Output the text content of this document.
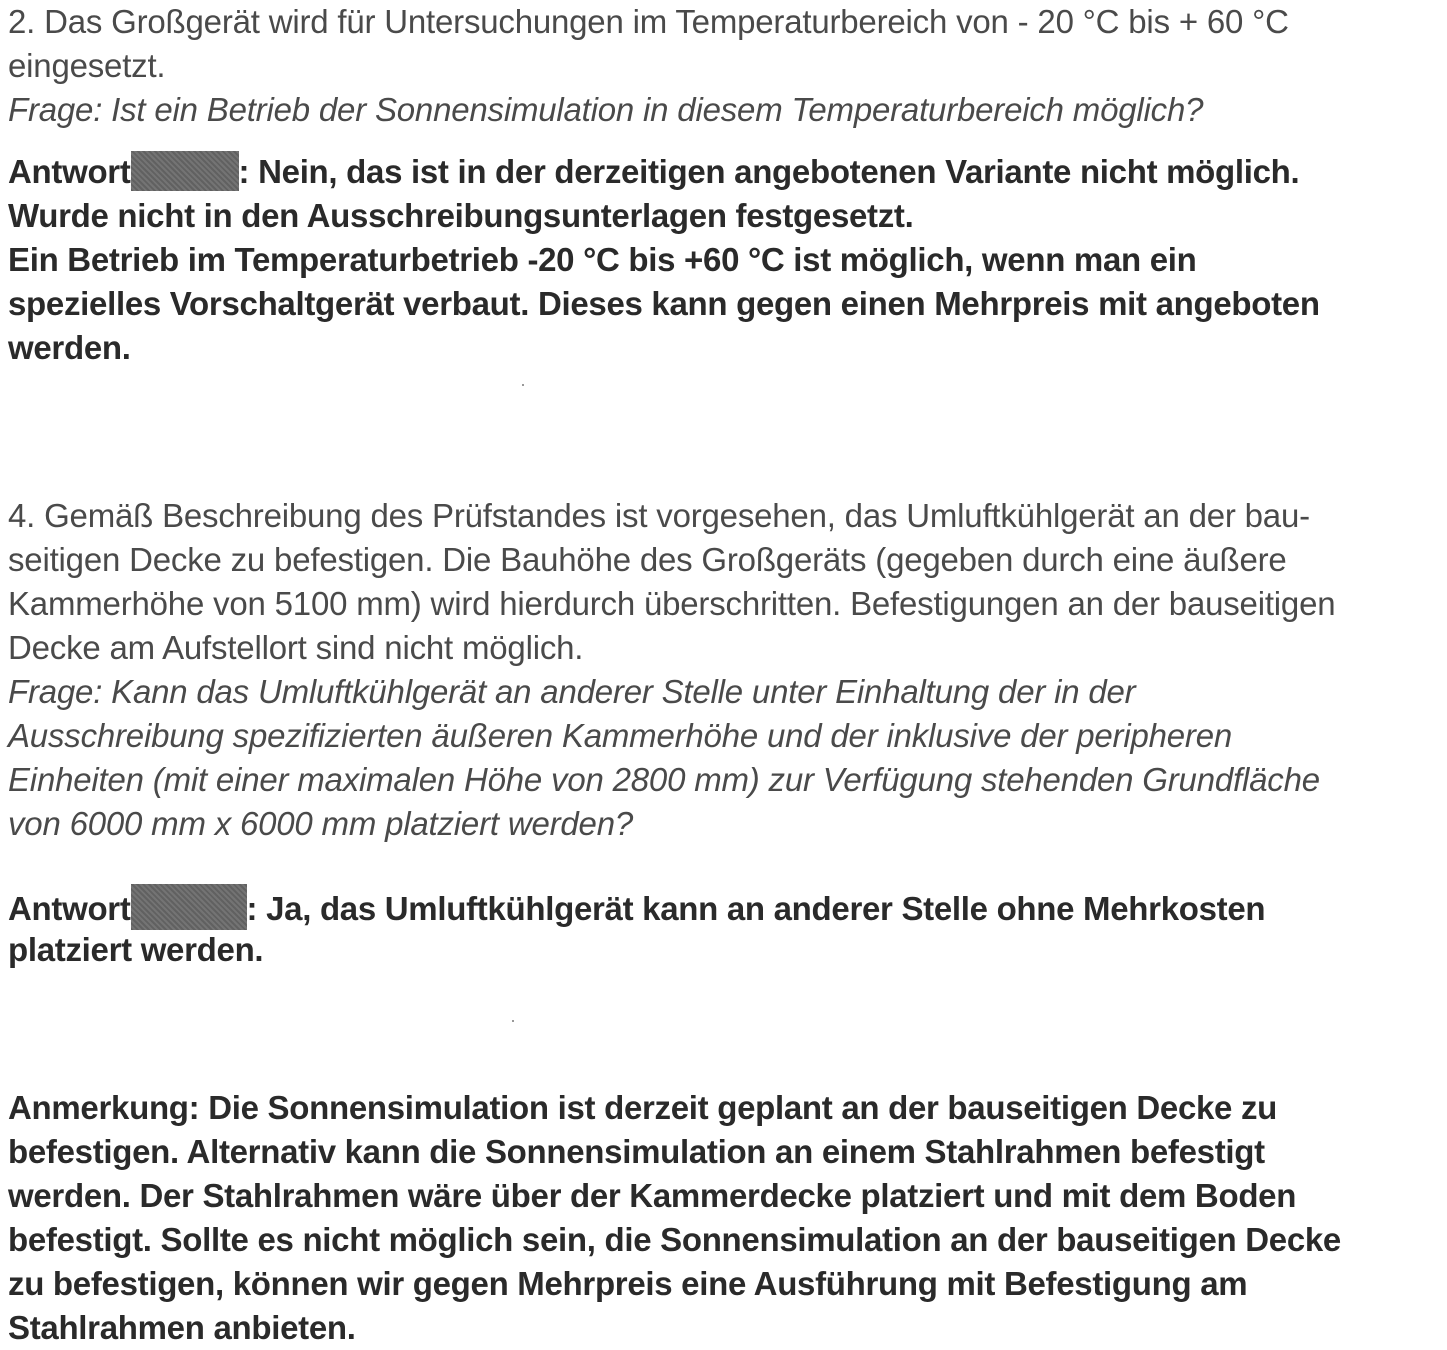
2. Das Großgerät wird für Untersuchungen im Temperaturbereich von - 20 °C bis + 60 °C
eingesetzt.
Frage: Ist ein Betrieb der Sonnensimulation in diesem Temperaturbereich möglich?
Antwort	: Nein, das ist in der derzeitigen angebotenen Variante nicht möglich.
Wurde nicht in den Ausschreibungsunterlagen festgesetzt.
Ein Betrieb im Temperaturbetrieb -20 °C bis +60 °C ist möglich, wenn man ein
spezielles Vorschaltgerät verbaut. Dieses kann gegen einen Mehrpreis mit angeboten
werden.
4. Gemäß Beschreibung des Prüfstandes ist vorgesehen, das Umluftkühlgerät an der bau-
seitigen Decke zu befestigen. Die Bauhöhe des Großgeräts (gegeben durch eine äußere
Kammerhöhe von 5100 mm) wird hierdurch überschritten. Befestigungen an der bauseitigen
Decke am Aufstellort sind nicht möglich.
Frage: Kann das Umluftkühlgerät an anderer Stelle unter Einhaltung der in der
Ausschreibung spezifizierten äußeren Kammerhöhe und der inklusive der peripheren
Einheiten (mit einer maximalen Höhe von 2800 mm) zur Verfügung stehenden Grundfläche
von 6000 mm x 6000 mm platziert werden?
Antwort	: Ja, das Umluftkühlgerät kann an anderer Stelle ohne Mehrkosten
platziert werden.
Anmerkung: Die Sonnensimulation ist derzeit geplant an der bauseitigen Decke zu
befestigen. Alternativ kann die Sonnensimulation an einem Stahlrahmen befestigt
werden. Der Stahlrahmen wäre über der Kammerdecke platziert und mit dem Boden
befestigt. Sollte es nicht möglich sein, die Sonnensimulation an der bauseitigen Decke
zu befestigen, können wir gegen Mehrpreis eine Ausführung mit Befestigung am
Stahlrahmen anbieten.
